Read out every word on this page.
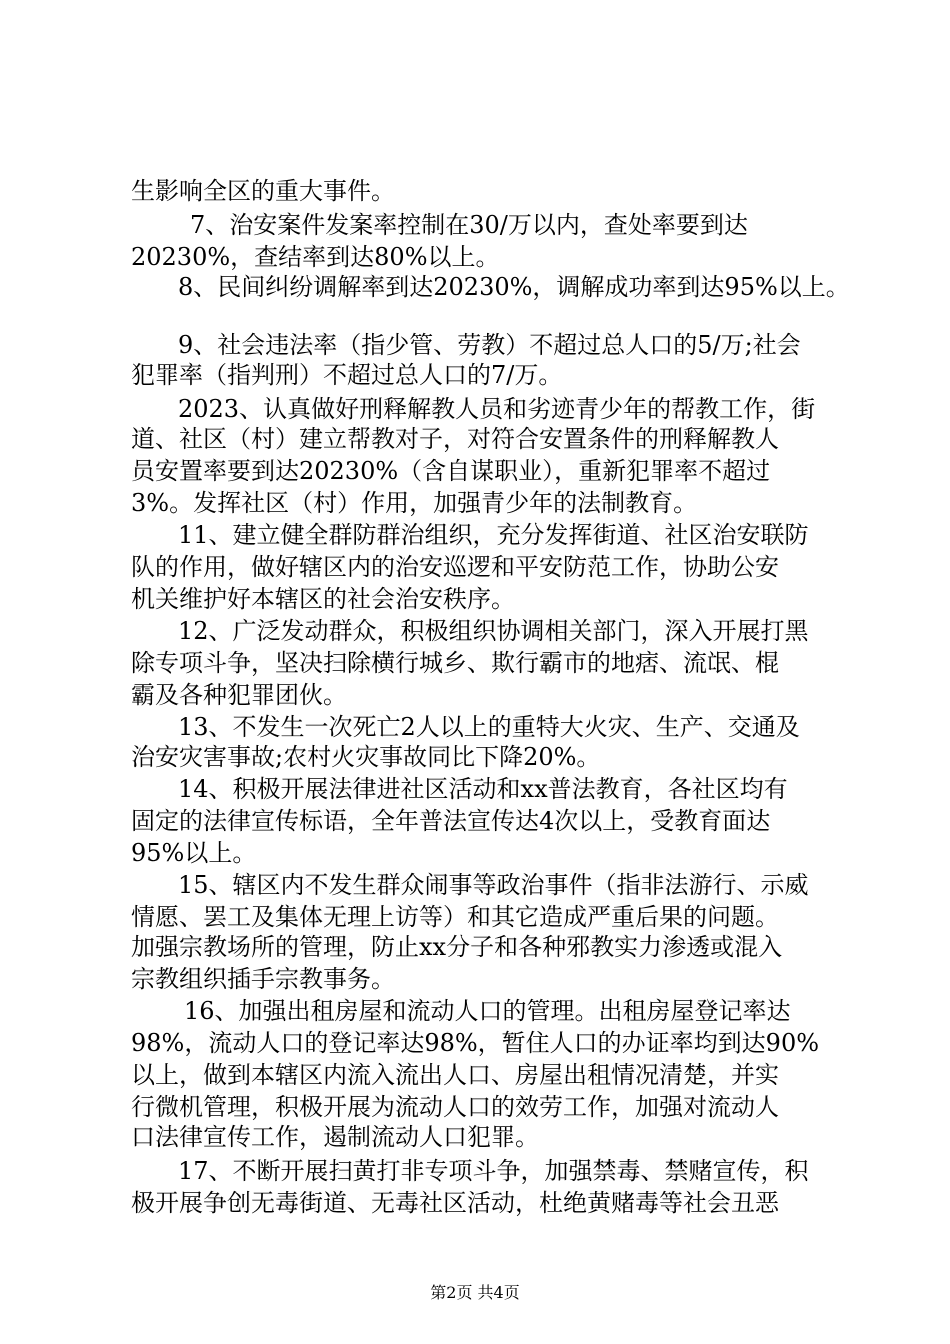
生影响全区的重大事件。
7、治安案件发案率控制在30/万以内，查处率要到达
20230%，查结率到达80%以上。
8、民间纠纷调解率到达20230%，调解成功率到达95%以上。
9、社会违法率（指少管、劳教）不超过总人口的5/万;社会
犯罪率（指判刑）不超过总人口的7/万。
2023、认真做好刑释解教人员和劣迹青少年的帮教工作，街
道、社区（村）建立帮教对子，对符合安置条件的刑释解教人
员安置率要到达20230%（含自谋职业），重新犯罪率不超过
3%。发挥社区（村）作用，加强青少年的法制教育。
11、建立健全群防群治组织，充分发挥街道、社区治安联防
队的作用，做好辖区内的治安巡逻和平安防范工作，协助公安
机关维护好本辖区的社会治安秩序。
12、广泛发动群众，积极组织协调相关部门，深入开展打黑
除专项斗争，坚决扫除横行城乡、欺行霸市的地痞、流氓、棍
霸及各种犯罪团伙。
13、不发生一次死亡2人以上的重特大火灾、生产、交通及
治安灾害事故;农村火灾事故同比下降20%。
14、积极开展法律进社区活动和xx普法教育，各社区均有
固定的法律宣传标语，全年普法宣传达4次以上，受教育面达
95%以上。
15、辖区内不发生群众闹事等政治事件（指非法游行、示威
情愿、罢工及集体无理上访等）和其它造成严重后果的问题。
加强宗教场所的管理，防止xx分子和各种邪教实力渗透或混入
宗教组织插手宗教事务。
16、加强出租房屋和流动人口的管理。出租房屋登记率达
98%，流动人口的登记率达98%，暂住人口的办证率均到达90%
以上，做到本辖区内流入流出人口、房屋出租情况清楚，并实
行微机管理，积极开展为流动人口的效劳工作，加强对流动人
口法律宣传工作，遏制流动人口犯罪。
17、不断开展扫黄打非专项斗争，加强禁毒、禁赌宣传，积
极开展争创无毒街道、无毒社区活动，杜绝黄赌毒等社会丑恶
第2页 共4页
